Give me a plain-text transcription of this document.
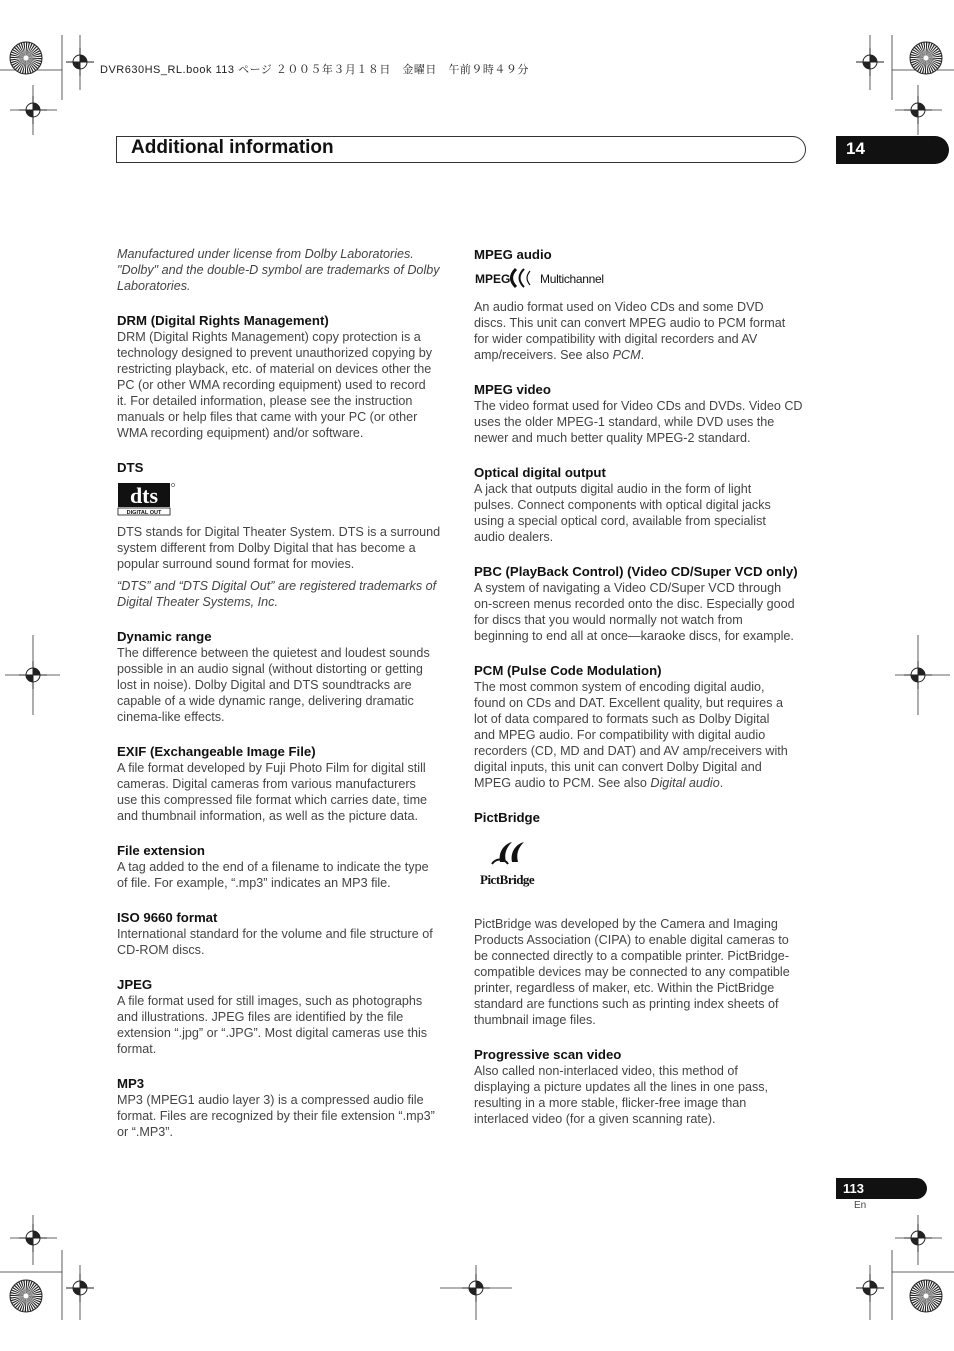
DVR630HS_RL.book 113 ページ ２００５年３月１８日　金曜日　午前９時４９分
Additional information	14
Manufactured under license from Dolby Laboratories.
"Dolby" and the double-D symbol are trademarks of Dolby
Laboratories.
DRM (Digital Rights Management)
DRM (Digital Rights Management) copy protection is a
technology designed to prevent unauthorized copying by
restricting playback, etc. of material on devices other the
PC (or other WMA recording equipment) used to record
it. For detailed information, please see the instruction
manuals or help files that came with your PC (or other
WMA recording equipment) and/or software.
DTS
dts
DIGITAL OUT
DTS stands for Digital Theater System. DTS is a surround
system different from Dolby Digital that has become a
popular surround sound format for movies.
“DTS” and “DTS Digital Out” are registered trademarks of
Digital Theater Systems, Inc.
Dynamic range
The difference between the quietest and loudest sounds
possible in an audio signal (without distorting or getting
lost in noise). Dolby Digital and DTS soundtracks are
capable of a wide dynamic range, delivering dramatic
cinema-like effects.
EXIF (Exchangeable Image File)
A file format developed by Fuji Photo Film for digital still
cameras. Digital cameras from various manufacturers
use this compressed file format which carries date, time
and thumbnail information, as well as the picture data.
File extension
A tag added to the end of a filename to indicate the type
of file. For example, “.mp3” indicates an MP3 file.
ISO 9660 format
International standard for the volume and file structure of
CD-ROM discs.
JPEG
A file format used for still images, such as photographs
and illustrations. JPEG files are identified by the file
extension “.jpg” or “.JPG”. Most digital cameras use this
format.
MP3
MP3 (MPEG1 audio layer 3) is a compressed audio file
format. Files are recognized by their file extension “.mp3”
or “.MP3”.
MPEG audio
MPEG Multichannel
An audio format used on Video CDs and some DVD
discs. This unit can convert MPEG audio to PCM format
for wider compatibility with digital recorders and AV
amp/receivers. See also PCM.
MPEG video
The video format used for Video CDs and DVDs. Video CD
uses the older MPEG-1 standard, while DVD uses the
newer and much better quality MPEG-2 standard.
Optical digital output
A jack that outputs digital audio in the form of light
pulses. Connect components with optical digital jacks
using a special optical cord, available from specialist
audio dealers.
PBC (PlayBack Control) (Video CD/Super VCD only)
A system of navigating a Video CD/Super VCD through
on-screen menus recorded onto the disc. Especially good
for discs that you would normally not watch from
beginning to end all at once—karaoke discs, for example.
PCM (Pulse Code Modulation)
The most common system of encoding digital audio,
found on CDs and DAT. Excellent quality, but requires a
lot of data compared to formats such as Dolby Digital
and MPEG audio. For compatibility with digital audio
recorders (CD, MD and DAT) and AV amp/receivers with
digital inputs, this unit can convert Dolby Digital and
MPEG audio to PCM. See also Digital audio.
PictBridge
PictBridge
PictBridge was developed by the Camera and Imaging
Products Association (CIPA) to enable digital cameras to
be connected directly to a compatible printer. PictBridge-
compatible devices may be connected to any compatible
printer, regardless of maker, etc. Within the PictBridge
standard are functions such as printing index sheets of
thumbnail image files.
Progressive scan video
Also called non-interlaced video, this method of
displaying a picture updates all the lines in one pass,
resulting in a more stable, flicker-free image than
interlaced video (for a given scanning rate).
113
En
